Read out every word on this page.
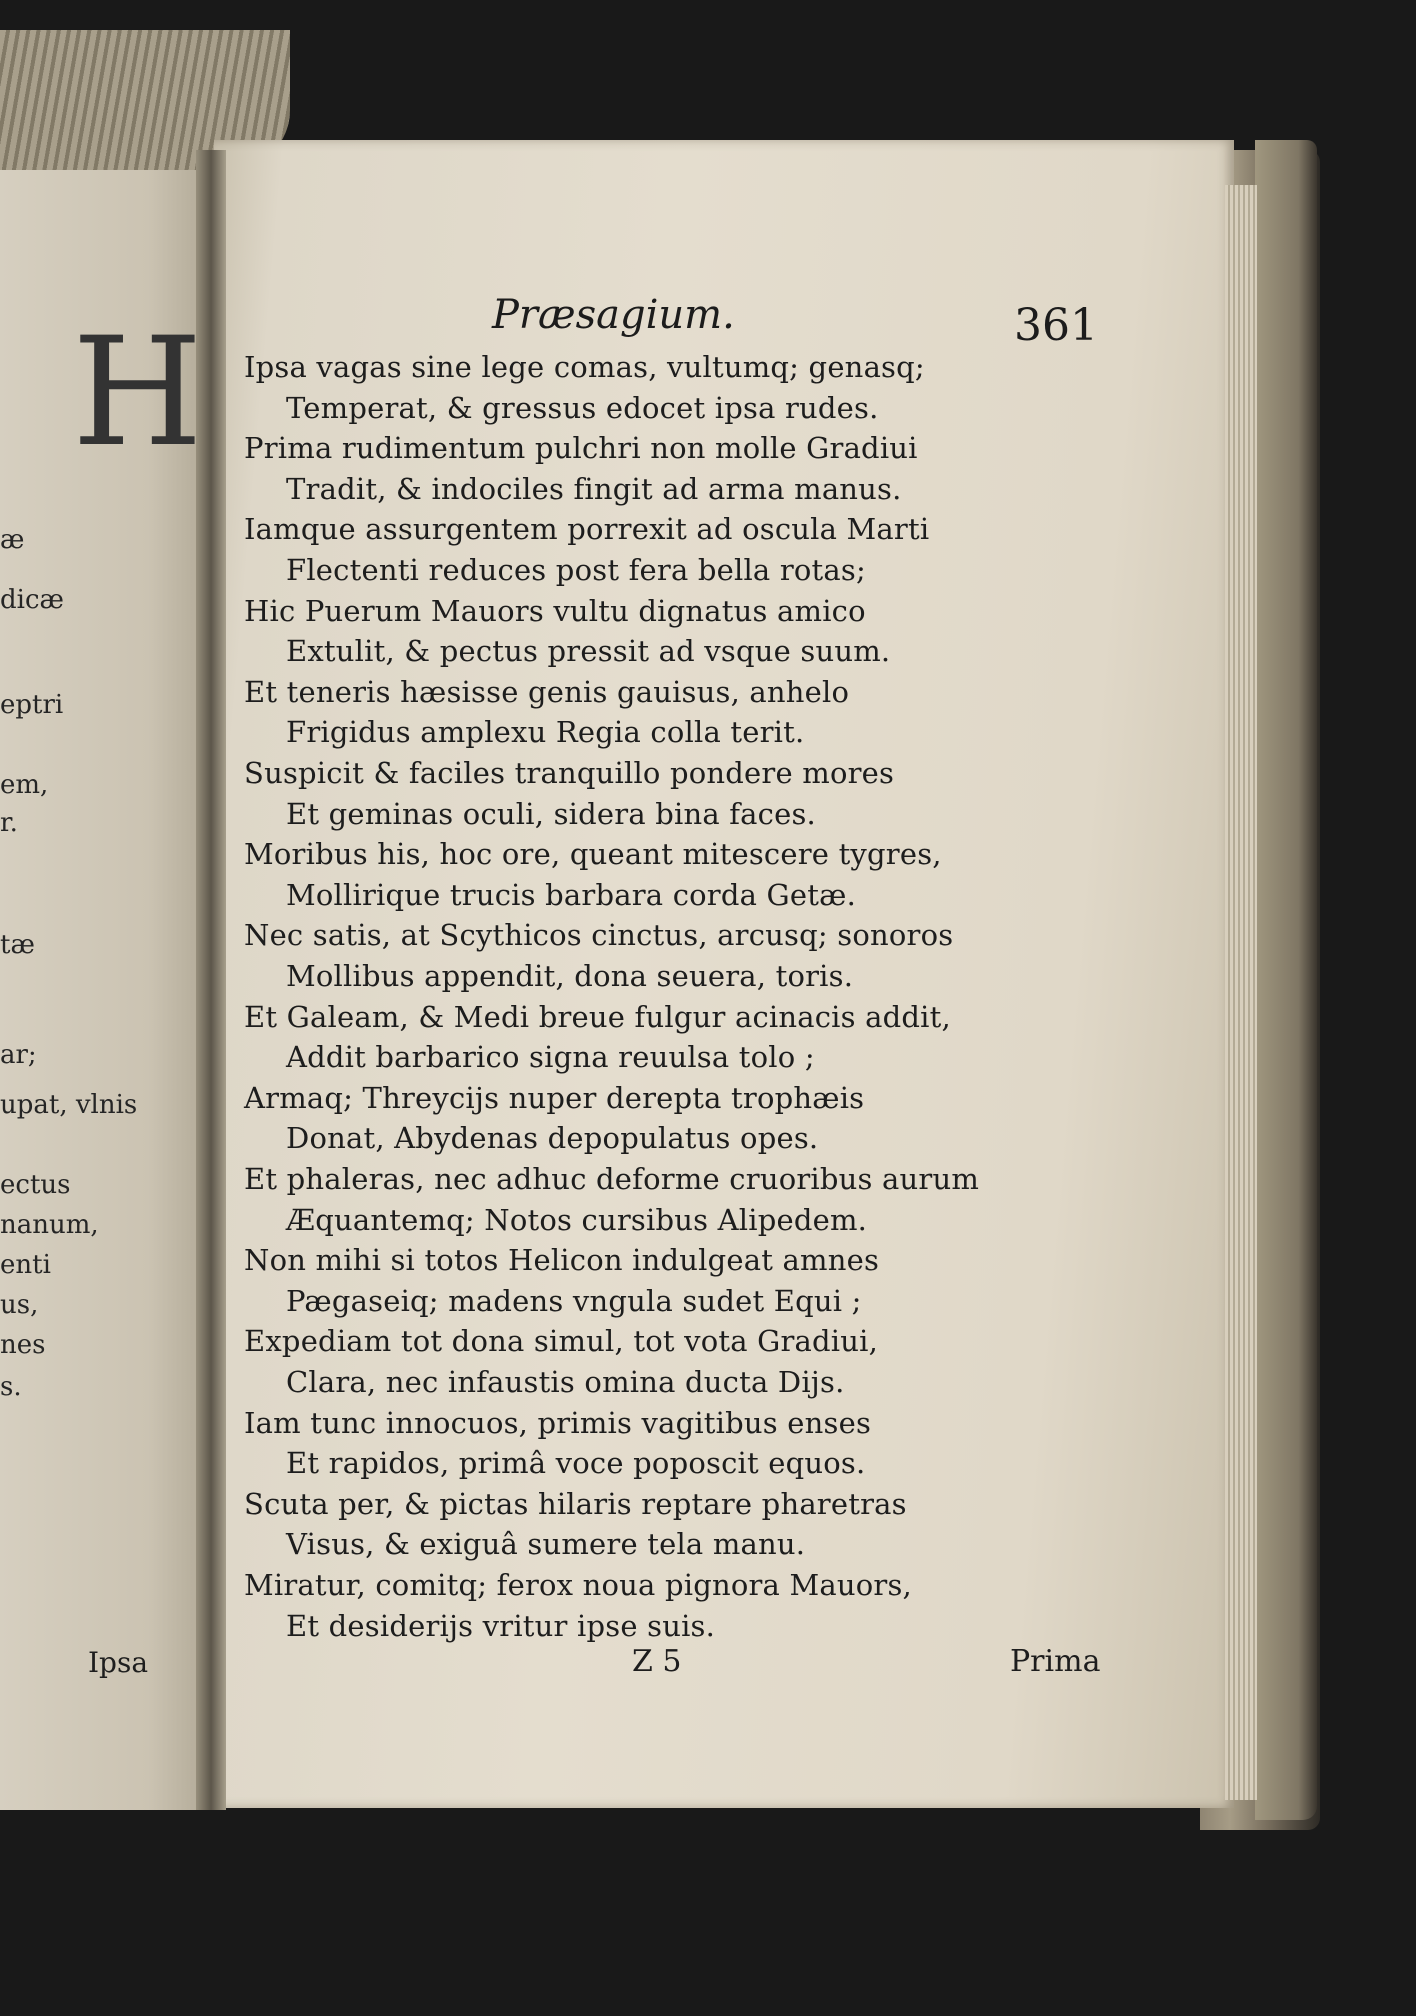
H
æ
dicæ
eptri
em,
r.
tæ
ar;
upat, vlnis
ectus
nanum,
enti
us,
nes
s.
Ipsa
Præsagium.	361
Ipsa vagas sine lege comas, vultumq; genasq;
Temperat, & gressus edocet ipsa rudes.
Prima rudimentum pulchri non molle Gradiui
Tradit, & indociles fingit ad arma manus.
Iamque assurgentem porrexit ad oscula Marti
Flectenti reduces post fera bella rotas;
Hic Puerum Mauors vultu dignatus amico
Extulit, & pectus pressit ad vsque suum.
Et teneris hæsisse genis gauisus, anhelo
Frigidus amplexu Regia colla terit.
Suspicit & faciles tranquillo pondere mores
Et geminas oculi, sidera bina faces.
Moribus his, hoc ore, queant mitescere tygres,
Mollirique trucis barbara corda Getæ.
Nec satis, at Scythicos cinctus, arcusq; sonoros
Mollibus appendit, dona seuera, toris.
Et Galeam, & Medi breue fulgur acinacis addit,
Addit barbarico signa reuulsa tolo ;
Armaq; Threycijs nuper derepta trophæis
Donat, Abydenas depopulatus opes.
Et phaleras, nec adhuc deforme cruoribus aurum
Æquantemq; Notos cursibus Alipedem.
Non mihi si totos Helicon indulgeat amnes
Pægaseiq; madens vngula sudet Equi ;
Expediam tot dona simul, tot vota Gradiui,
Clara, nec infaustis omina ducta Dijs.
Iam tunc innocuos, primis vagitibus enses
Et rapidos, primâ voce poposcit equos.
Scuta per, & pictas hilaris reptare pharetras
Visus, & exiguâ sumere tela manu.
Miratur, comitq; ferox noua pignora Mauors,
Et desiderijs vritur ipse suis.
Z 5	Prima
